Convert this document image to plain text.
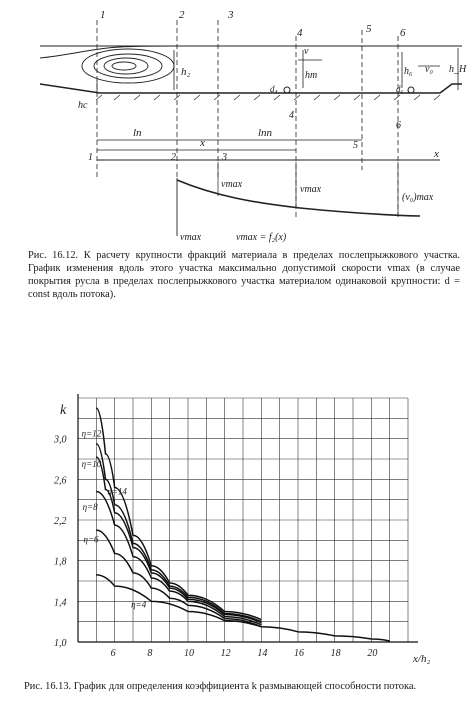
1	2	3
4	5	6
4
6
1	2	3
5
h₂	hm	h₆	h_H
hc
v
v₀
d₄	d₆
lп	lпп
x
x
vmax	vmax
(v₀)max
vmax	vmax = f₂(x)
Рис. 16.12. К расчету крупности фракций материала в пределах послепрыжкового участка. График изменения вдоль этого участка максимально допустимой скорости vmax (в случае покрытия русла в пределах послепрыжкового участка материалом одинаковой крупности: d = const вдоль потока).
6	8	10	12	14	16	18	20
1,0
1,4
1,8
2,2
2,6
3,0
η=12
η=14
η=10
η=8
η=6
η=4
k
x/h₂
Рис. 16.13. График для определения коэффициента k размывающей способности потока.
